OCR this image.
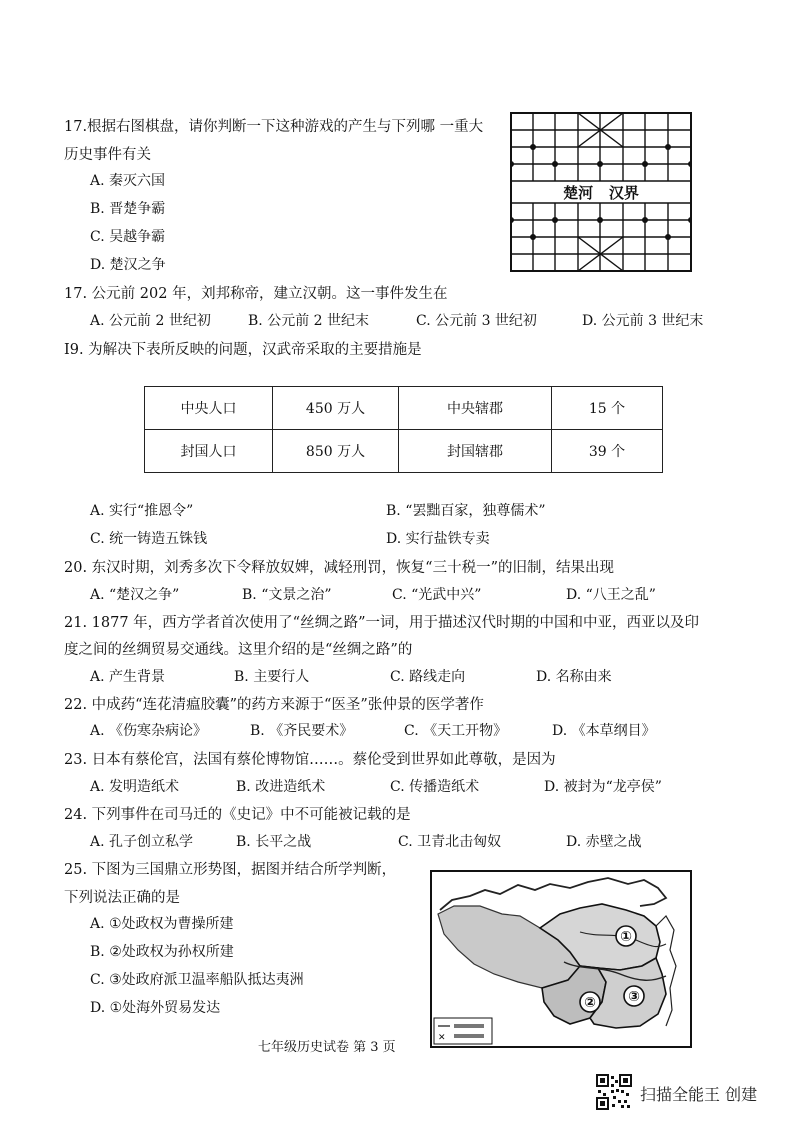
17.根据右图棋盘，请你判断一下这种游戏的产生与下列哪 一重大
历史事件有关
A. 秦灭六国
B. 晋楚争霸
C. 吴越争霸
D. 楚汉之争
楚河   汉界
17. 公元前 202 年，刘邦称帝，建立汉朝。这一事件发生在
A. 公元前 2 世纪初	B. 公元前 2 世纪末	C. 公元前 3 世纪初	D. 公元前 3 世纪末
I9. 为解决下表所反映的问题，汉武帝采取的主要措施是
中央人口	450 万人	中央辖郡	15 个
封国人口	850 万人	封国辖郡	39 个
A. 实行“推恩令”	B. “罢黜百家，独尊儒术”
C. 统一铸造五铢钱	D. 实行盐铁专卖
20. 东汉时期，刘秀多次下令释放奴婢，减轻刑罚，恢复“三十税一”的旧制，结果出现
A. “楚汉之争”	B. “文景之治”	C. “光武中兴”	D. “八王之乱”
21. 1877 年，西方学者首次使用了“丝绸之路”一词，用于描述汉代时期的中国和中亚，西亚以及印
度之间的丝绸贸易交通线。这里介绍的是“丝绸之路”的
A. 产生背景	B. 主要行人	C. 路线走向	D. 名称由来
22. 中成药“连花清瘟胶囊”的药方来源于“医圣”张仲景的医学著作
A. 《伤寒杂病论》	B. 《齐民要术》	C. 《天工开物》	D. 《本草纲目》
23. 日本有蔡伦宫，法国有蔡伦博物馆……。蔡伦受到世界如此尊敬，是因为
A. 发明造纸术	B. 改进造纸术	C. 传播造纸术	D. 被封为“龙亭侯”
24. 下列事件在司马迁的《史记》中不可能被记载的是
A. 孔子创立私学	B. 长平之战	C. 卫青北击匈奴	D. 赤壁之战
25. 下图为三国鼎立形势图，据图并结合所学判断，
下列说法正确的是
A. ①处政权为曹操所建
B. ②处政权为孙权所建
C. ③处政府派卫温率船队抵达夷洲
D. ①处海外贸易发达
①
② ③
✕
七年级历史试卷 第 3 页
扫描全能王 创建
